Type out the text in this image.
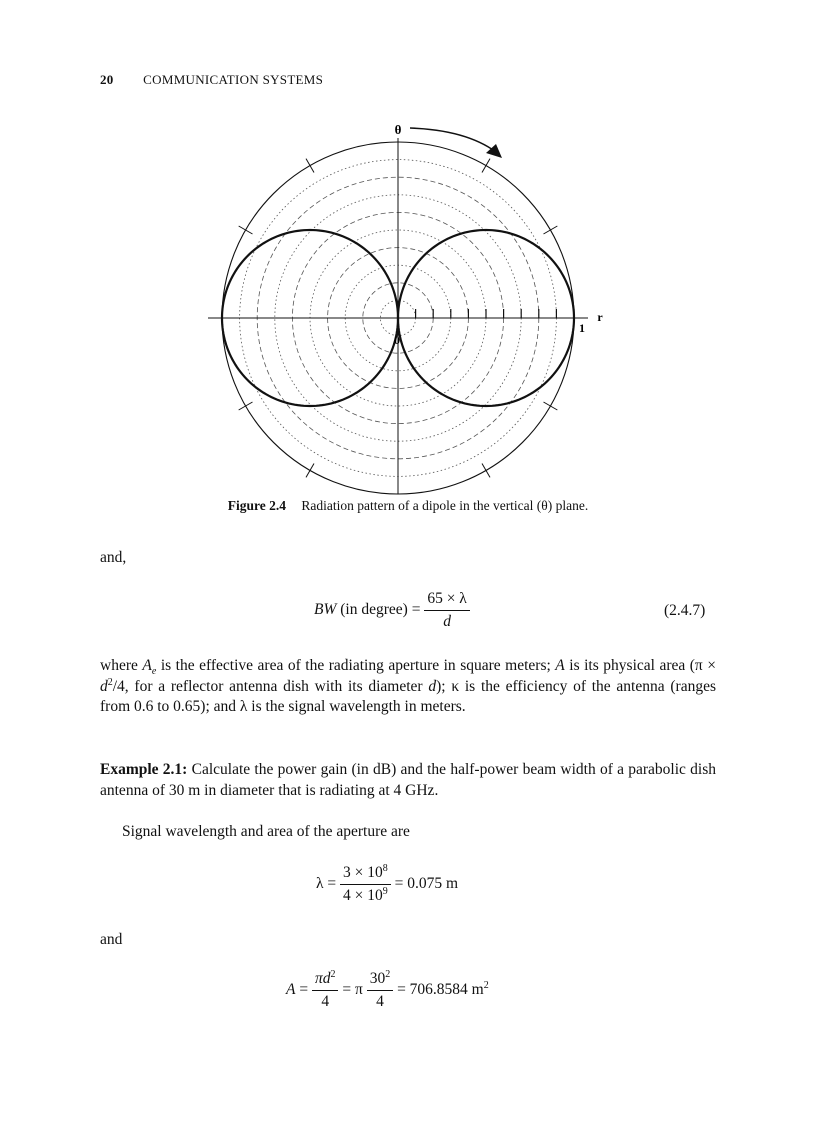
20 COMMUNICATION SYSTEMS
θ
0
1
r
Figure 2.4 Radiation pattern of a dipole in the vertical (θ) plane.
and,
BW (in degree) = $\frac{65 \times \lambda}{d}$	(2.4.7)
where $A_e$ is the effective area of the radiating aperture in square meters; A is its physical area ($\pi \times d^2/4$, for a reflector antenna dish with its diameter d); κ is the efficiency of the antenna (ranges from 0.6 to 0.65); and λ is the signal wavelength in meters.
Example 2.1: Calculate the power gain (in dB) and the half-power beam width of a parabolic dish antenna of 30 m in diameter that is radiating at 4 GHz.
Signal wavelength and area of the aperture are
$\lambda = \frac{3 \times 10^8}{4 \times 10^9} = 0.075$ m
and
$A = \frac{\pi d^2}{4} = \pi \frac{30^2}{4} = 706.8584$ $m^2$
